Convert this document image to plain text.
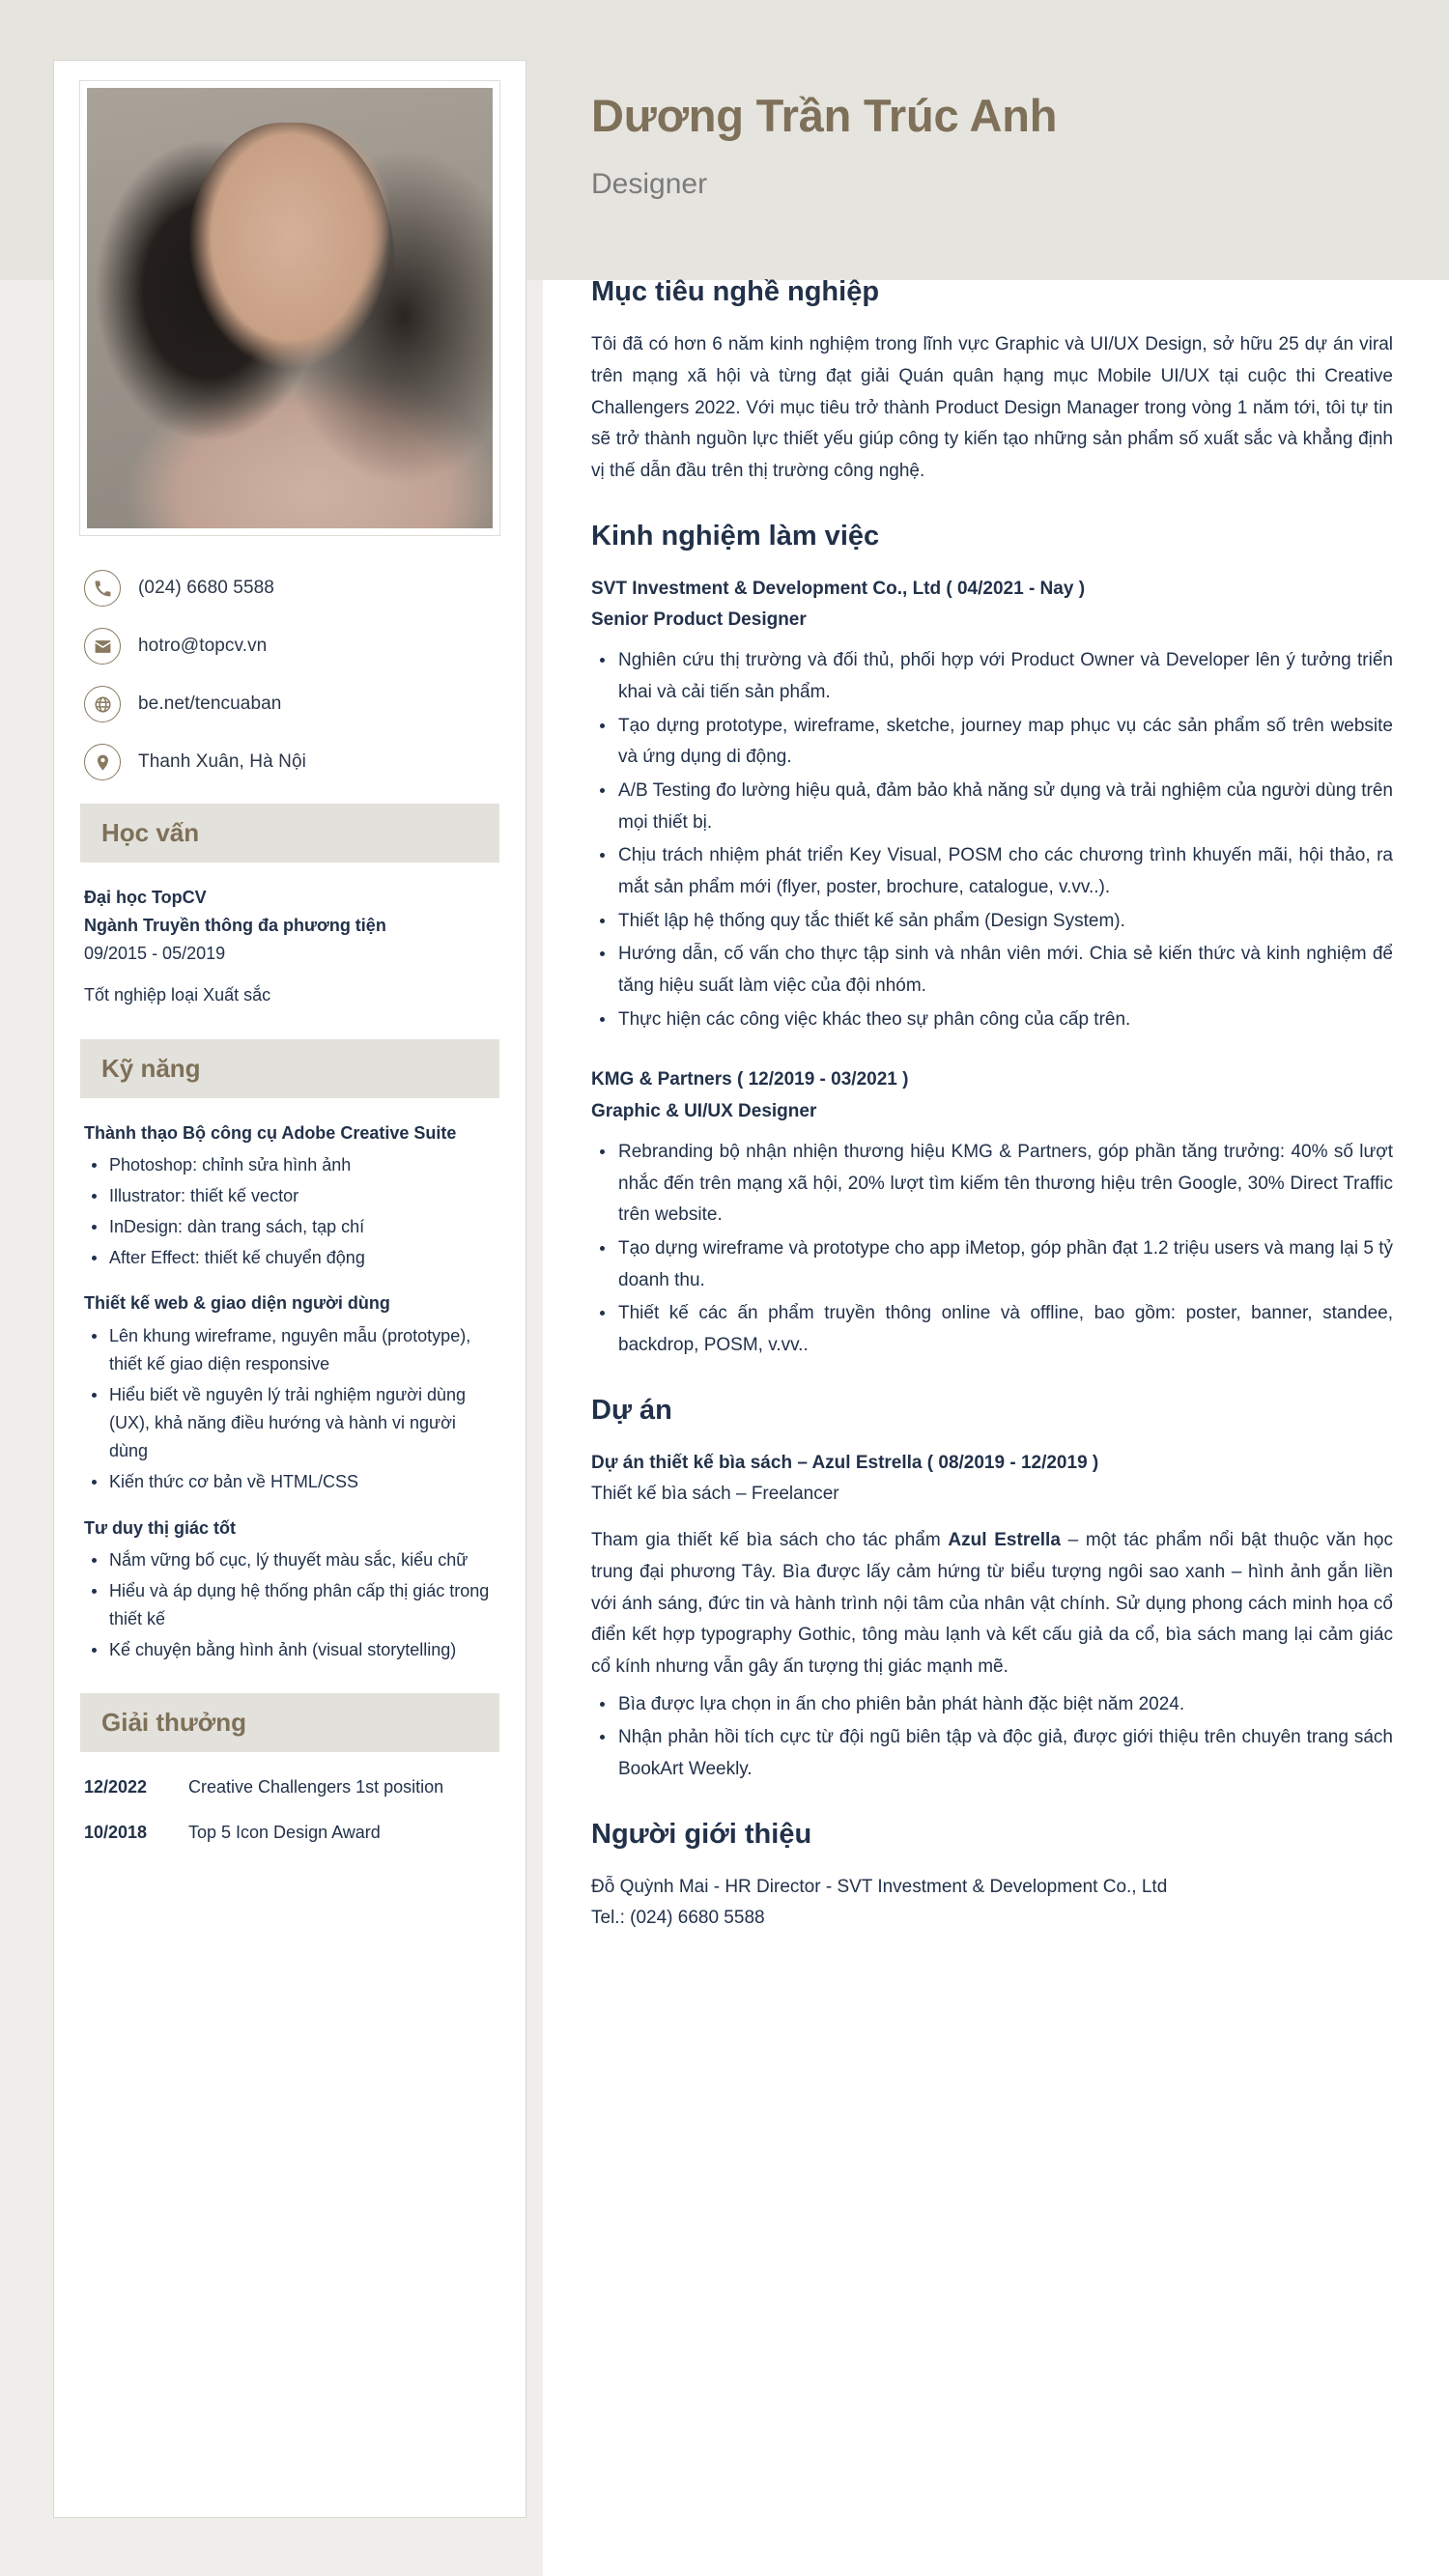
(024) 6680 5588
hotro@topcv.vn
be.net/tencuaban
Thanh Xuân, Hà Nội
Học vấn
Đại học TopCV
Ngành Truyền thông đa phương tiện
09/2015 - 05/2019
Tốt nghiệp loại Xuất sắc
Kỹ năng
Thành thạo Bộ công cụ Adobe Creative Suite
Photoshop: chỉnh sửa hình ảnh
Illustrator: thiết kế vector
InDesign: dàn trang sách, tạp chí
After Effect: thiết kế chuyển động
Thiết kế web & giao diện người dùng
Lên khung wireframe, nguyên mẫu (prototype), thiết kế giao diện responsive
Hiểu biết về nguyên lý trải nghiệm người dùng (UX), khả năng điều hướng và hành vi người dùng
Kiến thức cơ bản về HTML/CSS
Tư duy thị giác tốt
Nắm vững bố cục, lý thuyết màu sắc, kiểu chữ
Hiểu và áp dụng hệ thống phân cấp thị giác trong thiết kế
Kể chuyện bằng hình ảnh (visual storytelling)
Giải thưởng
12/2022	Creative Challengers 1st position
10/2018	Top 5 Icon Design Award
Dương Trần Trúc Anh
Designer
Mục tiêu nghề nghiệp

Tôi đã có hơn 6 năm kinh nghiệm trong lĩnh vực Graphic và UI/UX Design, sở hữu 25 dự án viral trên mạng xã hội và từng đạt giải Quán quân hạng mục Mobile UI/UX tại cuộc thi Creative Challengers 2022. Với mục tiêu trở thành Product Design Manager trong vòng 1 năm tới, tôi tự tin sẽ trở thành nguồn lực thiết yếu giúp công ty kiến tạo những sản phẩm số xuất sắc và khẳng định vị thế dẫn đầu trên thị trường công nghệ.

Kinh nghiệm làm việc
SVT Investment & Development Co., Ltd ( 04/2021 - Nay )
Senior Product Designer
Nghiên cứu thị trường và đối thủ, phối hợp với Product Owner và Developer lên ý tưởng triển khai và cải tiến sản phẩm.
Tạo dựng prototype, wireframe, sketche, journey map phục vụ các sản phẩm số trên website và ứng dụng di động.
A/B Testing đo lường hiệu quả, đảm bảo khả năng sử dụng và trải nghiệm của người dùng trên mọi thiết bị.
Chịu trách nhiệm phát triển Key Visual, POSM cho các chương trình khuyến mãi, hội thảo, ra mắt sản phẩm mới (flyer, poster, brochure, catalogue, v.vv..).
Thiết lập hệ thống quy tắc thiết kế sản phẩm (Design System).
Hướng dẫn, cố vấn cho thực tập sinh và nhân viên mới. Chia sẻ kiến thức và kinh nghiệm để tăng hiệu suất làm việc của đội nhóm.
Thực hiện các công việc khác theo sự phân công của cấp trên.
KMG & Partners ( 12/2019 - 03/2021 )
Graphic & UI/UX Designer
Rebranding bộ nhận nhiện thương hiệu KMG & Partners, góp phần tăng trưởng: 40% số lượt nhắc đến trên mạng xã hội, 20% lượt tìm kiếm tên thương hiệu trên Google, 30% Direct Traffic trên website.
Tạo dựng wireframe và prototype cho app iMetop, góp phần đạt 1.2 triệu users và mang lại 5 tỷ doanh thu.
Thiết kế các ấn phẩm truyền thông online và offline, bao gồm: poster, banner, standee, backdrop, POSM, v.vv..
Dự án
Dự án thiết kế bìa sách – Azul Estrella ( 08/2019 - 12/2019 )
Thiết kế bìa sách – Freelancer

Tham gia thiết kế bìa sách cho tác phẩm Azul Estrella – một tác phẩm nổi bật thuộc văn học trung đại phương Tây. Bìa được lấy cảm hứng từ biểu tượng ngôi sao xanh – hình ảnh gắn liền với ánh sáng, đức tin và hành trình nội tâm của nhân vật chính. Sử dụng phong cách minh họa cổ điển kết hợp typography Gothic, tông màu lạnh và kết cấu giả da cổ, bìa sách mang lại cảm giác cổ kính nhưng vẫn gây ấn tượng thị giác mạnh mẽ.

Bìa được lựa chọn in ấn cho phiên bản phát hành đặc biệt năm 2024.
Nhận phản hồi tích cực từ đội ngũ biên tập và độc giả, được giới thiệu trên chuyên trang sách BookArt Weekly.
Người giới thiệu
Đỗ Quỳnh Mai - HR Director - SVT Investment & Development Co., Ltd
Tel.: (024) 6680 5588
